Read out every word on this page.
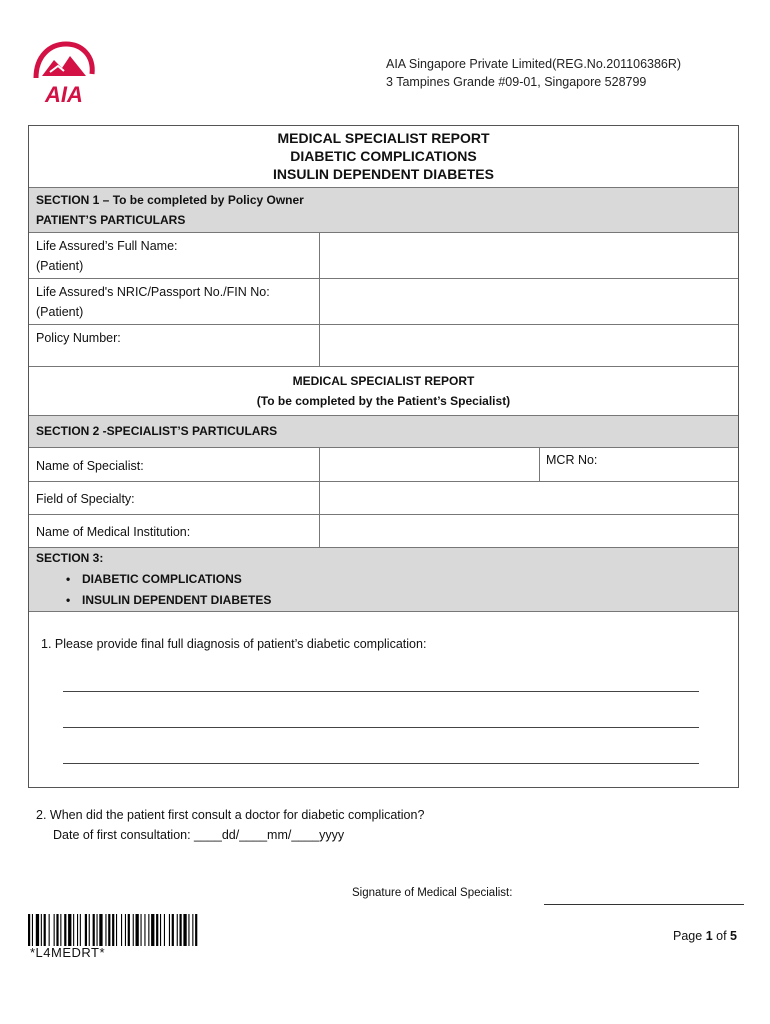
AIA
AIA Singapore Private Limited(REG.No.201106386R)
3 Tampines Grande #09-01, Singapore 528799
MEDICAL SPECIALIST REPORT
DIABETIC COMPLICATIONS
INSULIN DEPENDENT DIABETES
SECTION 1 – To be completed by Policy Owner
PATIENT’S PARTICULARS
Life Assured’s Full Name:
(Patient)
Life Assured's NRIC/Passport No./FIN No:
(Patient)
Policy Number:
MEDICAL SPECIALIST REPORT
(To be completed by the Patient’s Specialist)
SECTION 2 -SPECIALIST’S PARTICULARS
Name of Specialist:	MCR No:
Field of Specialty:
Name of Medical Institution:
SECTION 3:
• DIABETIC COMPLICATIONS
• INSULIN DEPENDENT DIABETES
1. Please provide final full diagnosis of patient’s diabetic complication:
2. When did the patient first consult a doctor for diabetic complication?
Date of first consultation: ____dd/____mm/____yyyy
Signature of Medical Specialist:
*L4MEDRT*
Page 1 of 5
